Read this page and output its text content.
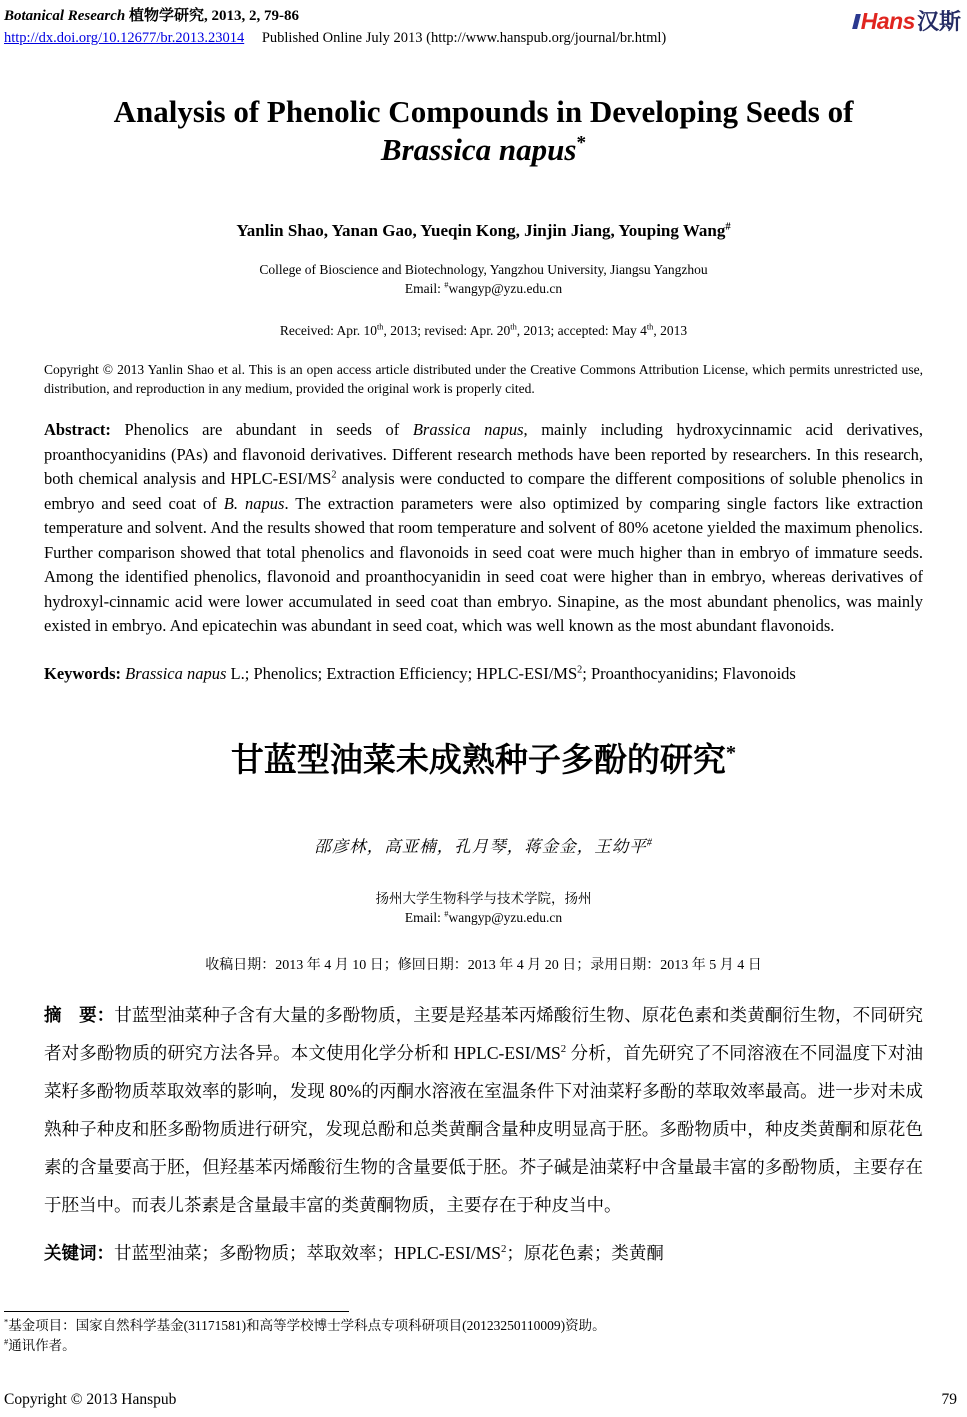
Botanical Research 植物学研究, 2013, 2, 79-86
http://dx.doi.org/10.12677/br.2013.23014 Published Online July 2013 (http://www.hanspub.org/journal/br.html)
Hans汉斯
Analysis of Phenolic Compounds in Developing Seeds of
Brassica napus*
Yanlin Shao, Yanan Gao, Yueqin Kong, Jinjin Jiang, Youping Wang#
College of Bioscience and Biotechnology, Yangzhou University, Jiangsu Yangzhou
Email: #wangyp@yzu.edu.cn
Received: Apr. 10th, 2013; revised: Apr. 20th, 2013; accepted: May 4th, 2013

Copyright © 2013 Yanlin Shao et al. This is an open access article distributed under the Creative Commons Attribution License, which permits unrestricted use, distribution, and reproduction in any medium, provided the original work is properly cited.

Abstract: Phenolics are abundant in seeds of Brassica napus, mainly including hydroxycinnamic acid derivatives, proanthocyanidins (PAs) and flavonoid derivatives. Different research methods have been reported by researchers. In this research, both chemical analysis and HPLC-$ESI/MS^2$ analysis were conducted to compare the different compositions of soluble phenolics in embryo and seed coat of B. napus. The extraction parameters were also optimized by comparing single factors like extraction temperature and solvent. And the results showed that room temperature and solvent of 80% acetone yielded the maximum phenolics. Further comparison showed that total phenolics and flavonoids in seed coat were much higher than in embryo of immature seeds. Among the identified phenolics, flavonoid and proanthocyanidin in seed coat were higher than in embryo, whereas derivatives of hydroxyl-cinnamic acid were lower accumulated in seed coat than embryo. Sinapine, as the most abundant phenolics, was mainly existed in embryo. And epicatechin was abundant in seed coat, which was well known as the most abundant flavonoids.

Keywords: Brassica napus L.; Phenolics; Extraction Efficiency; HPLC-$ESI/MS^2$; Proanthocyanidins; Flavonoids

甘蓝型油菜未成熟种子多酚的研究*
邵彦林，高亚楠，孔月琴，蒋金金，王幼平#
扬州大学生物科学与技术学院，扬州
Email: #wangyp@yzu.edu.cn
收稿日期：2013 年 4 月 10 日；修回日期：2013 年 4 月 20 日；录用日期：2013 年 5 月 4 日

摘　要：甘蓝型油菜种子含有大量的多酚物质，主要是羟基苯丙烯酸衍生物、原花色素和类黄酮衍生物，不同研究者对多酚物质的研究方法各异。本文使用化学分析和 HPLC-$ESI/MS^2$ 分析，首先研究了不同溶液在不同温度下对油菜籽多酚物质萃取效率的影响，发现 80%的丙酮水溶液在室温条件下对油菜籽多酚的萃取效率最高。进一步对未成熟种子种皮和胚多酚物质进行研究，发现总酚和总类黄酮含量种皮明显高于胚。多酚物质中，种皮类黄酮和原花色素的含量要高于胚，但羟基苯丙烯酸衍生物的含量要低于胚。芥子碱是油菜籽中含量最丰富的多酚物质，主要存在于胚当中。而表儿茶素是含量最丰富的类黄酮物质，主要存在于种皮当中。

关键词：甘蓝型油菜；多酚物质；萃取效率；HPLC-$ESI/MS^2$；原花色素；类黄酮

*基金项目：国家自然科学基金(31171581)和高等学校博士学科点专项科研项目(20123250110009)资助。
#通讯作者。
Copyright © 2013 Hanspub	79
